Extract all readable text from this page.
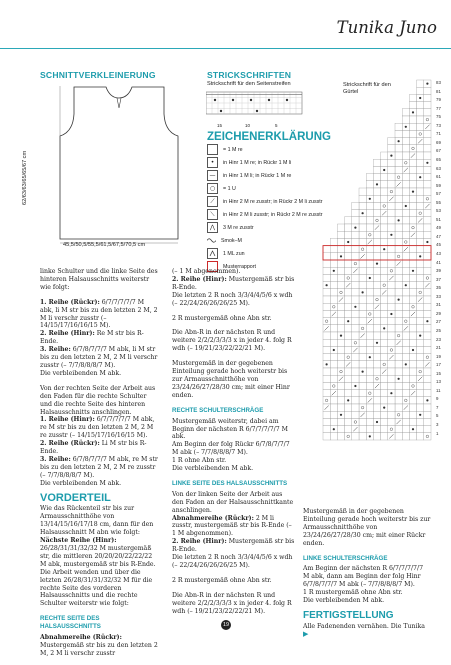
Tunika Juno
SCHNITTVERKLEINERUNG
45,5/50,5/55,5/61,5/67,5/70,5 cm
62/63/63/65/65/67 cm
STRICKSCHRIFTEN
Strickschrift für den Seitenstreifen
15	10	5
ZEICHENERKLÄRUNG
= 1 M re
•	in Hinr 1 M re; in Rückr 1 M li
—	in Hinr 1 M li; in Rückr 1 M re
○	= 1 U
⟋	in Hinr 2 M re zusstr; in Rückr 2 M li zusstr
⟍	in Hinr 2 M li zusstr; in Rückr 2 M re zusstr
⋀	3 M re zusstr
Smok–M
1 ML zun
Musterrapport
Strickschrift für den Gürtel
83
81
79
77
75
73
71
69
67
65
63
61
59
57
55
53
51
49
47
45
43
41
39
37
35
33
31
29
27
25
23
21
19
17
15
13
11
9
7
5
3
1

linke Schulter und die linke Seite des hinteren Halsausschnitts weiterstr wie folgt:

1. Reihe (Rückr): 6/7/7/7/7/7 M abk, li M str bis zu den letzten 2 M, 2 M li verschr zusstr (– 14/15/17/16/16/15 M).
2. Reihe (Hinr): Re M str bis R-Ende.
3. Reihe: 6/7/8/7/7/7 M abk, li M str bis zu den letzten 2 M, 2 M li verschr zusstr (– 7/7/8/8/8/7 M).
Die verbleibenden M abk.

Von der rechten Seite der Arbeit aus den Faden für die rechte Schulter und die rechte Seite des hinteren Halsausschnitts anschlingen.
1. Reihe (Hinr): 6/7/7/7/7/7 M abk, re M str bis zu den letzten 2 M, 2 M re zusstr (– 14/15/17/16/16/15 M).
2. Reihe (Rückr): Li M str bis R-Ende.
3. Reihe: 6/7/8/7/7/7 M abk, re M str bis zu den letzten 2 M, 2 M re zusstr (– 7/7/8/8/8/7 M).
Die verbleibenden M abk.

VORDERTEIL

Wie das Rückenteil str bis zur Armausschnitthöhe von 13/14/15/16/17/18 cm, dann für den Halsausschnitt M abn wie folgt:
Nächste Reihe (Hinr): 26/28/31/31/32/32 M mustergemäß str, die mittleren 20/20/20/22/22/22 M abk, mustergemäß str bis R-Ende. Die Arbeit wenden und über die letzten 26/28/31/31/32/32 M für die rechte Seite des vorderen Halsausschnitts und die rechte Schulter weiterstr wie folgt:

RECHTE SEITE DES HALSAUSSCHNITTS

Abnahmereihe (Rückr): Mustergemäß str bis zu den letzten 2 M, 2 M li verschr zusstr

(– 1 M abgenommen).
2. Reihe (Hinr): Mustergemäß str bis R-Ende.
Die letzten 2 R noch 3/3/4/4/5/6 x wdh (– 22/24/26/26/26/25 M).

2 R mustergemäß ohne Abn str.

Die Abn-R in der nächsten R und weitere 2/2/2/3/3/3 x in jeder 4. folg R wdh (– 19/21/23/22/22/21 M).

Mustergemäß in der gegebenen Einteilung gerade hoch weiterstr bis zur Armausschnitthöhe von 23/24/26/27/28/30 cm; mit einer Hinr enden.

RECHTE SCHULTERSCHRÄGE

Mustergemäß weiterstr, dabei am Beginn der nächsten R 6/7/7/7/7/7 M abk.
Am Beginn der folg Rückr 6/7/8/7/7/7 M abk (– 7/7/8/8/8/7 M).
1 R ohne Abn str.
Die verbleibenden M abk.

LINKE SEITE DES HALSAUSSCHNITTS

Von der linken Seite der Arbeit aus den Faden an der Halsausschnittkante anschlingen.
Abnahmereihe (Rückr): 2 M li zusstr, mustergemäß str bis R-Ende (– 1 M abgenommen).
2. Reihe (Hinr): Mustergemäß str bis R-Ende.
Die letzten 2 R noch 3/3/4/4/5/6 x wdh (– 22/24/26/26/26/25 M).

2 R mustergemäß ohne Abn str.

Die Abn-R in der nächsten R und weitere 2/2/2/3/3/3 x in jeder 4. folg R wdh (– 19/21/23/22/22/21 M).

Mustergemäß in der gegebenen Einteilung gerade hoch weiterstr bis zur Armausschnitthöhe von 23/24/26/27/28/30 cm; mit einer Rückr enden.

LINKE SCHULTERSCHRÄGE

Am Beginn der nächsten R 6/7/7/7/7/7 M abk, dann am Beginn der folg Hinr 6/7/8/7/7/7 M abk (– 7/7/8/8/8/7 M).
1 R mustergemäß ohne Abn str.
Die verbleibenden M abk.

FERTIGSTELLUNG

Alle Fadenenden vernähen. Die Tunika ▶

19
